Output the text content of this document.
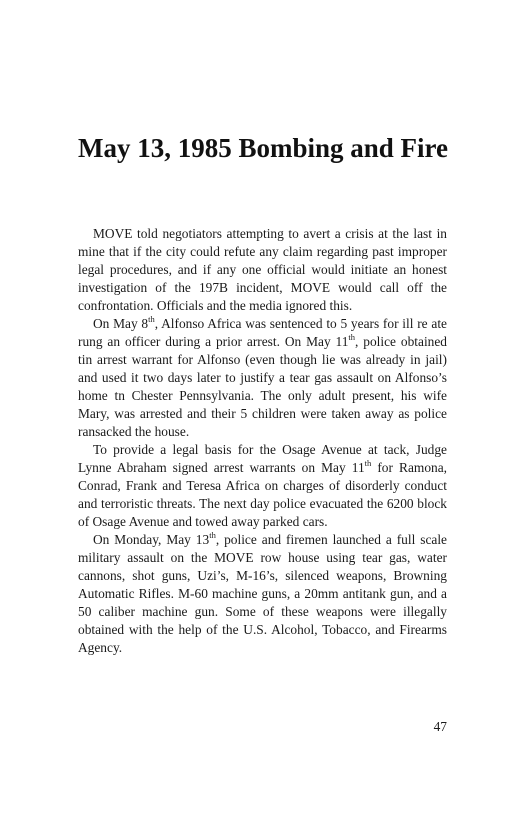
May 13, 1985 Bombing and Fire

MOVE told negotiators attempting to avert a crisis at the last in mine that if the city could refute any claim regarding past improper legal procedures, and if any one official would initiate an honest investigation of the 197B incident, MOVE would call off the confrontation. Officials and the media ignored this.

On May 8th, Alfonso Africa was sentenced to 5 years for ill re ate rung an officer during a prior arrest. On May 11th, police obtained tin arrest warrant for Alfonso (even though lie was already in jail) and used it two days later to justify a tear gas assault on Alfonso’s home tn Chester Pennsylvania. The only adult present, his wife Mary, was arrested and their 5 children were taken away as police ransacked the house.

To provide a legal basis for the Osage Avenue at tack, Judge Lynne Abraham signed arrest warrants on May 11th for Ramona, Conrad, Frank and Teresa Africa on charges of disorderly conduct and terroristic threats. The next day police evacuated the 6200 block of Osage Avenue and towed away parked cars.

On Monday, May 13th, police and firemen launched a full scale military assault on the MOVE row house using tear gas, water cannons, shot guns, Uzi’s, M-16’s, silenced weapons, Browning Automatic Rifles. M-60 machine guns, a 20mm antitank gun, and a 50 caliber machine gun. Some of these weapons were illegally obtained with the help of the U.S. Alcohol, Tobacco, and Firearms Agency.

47
